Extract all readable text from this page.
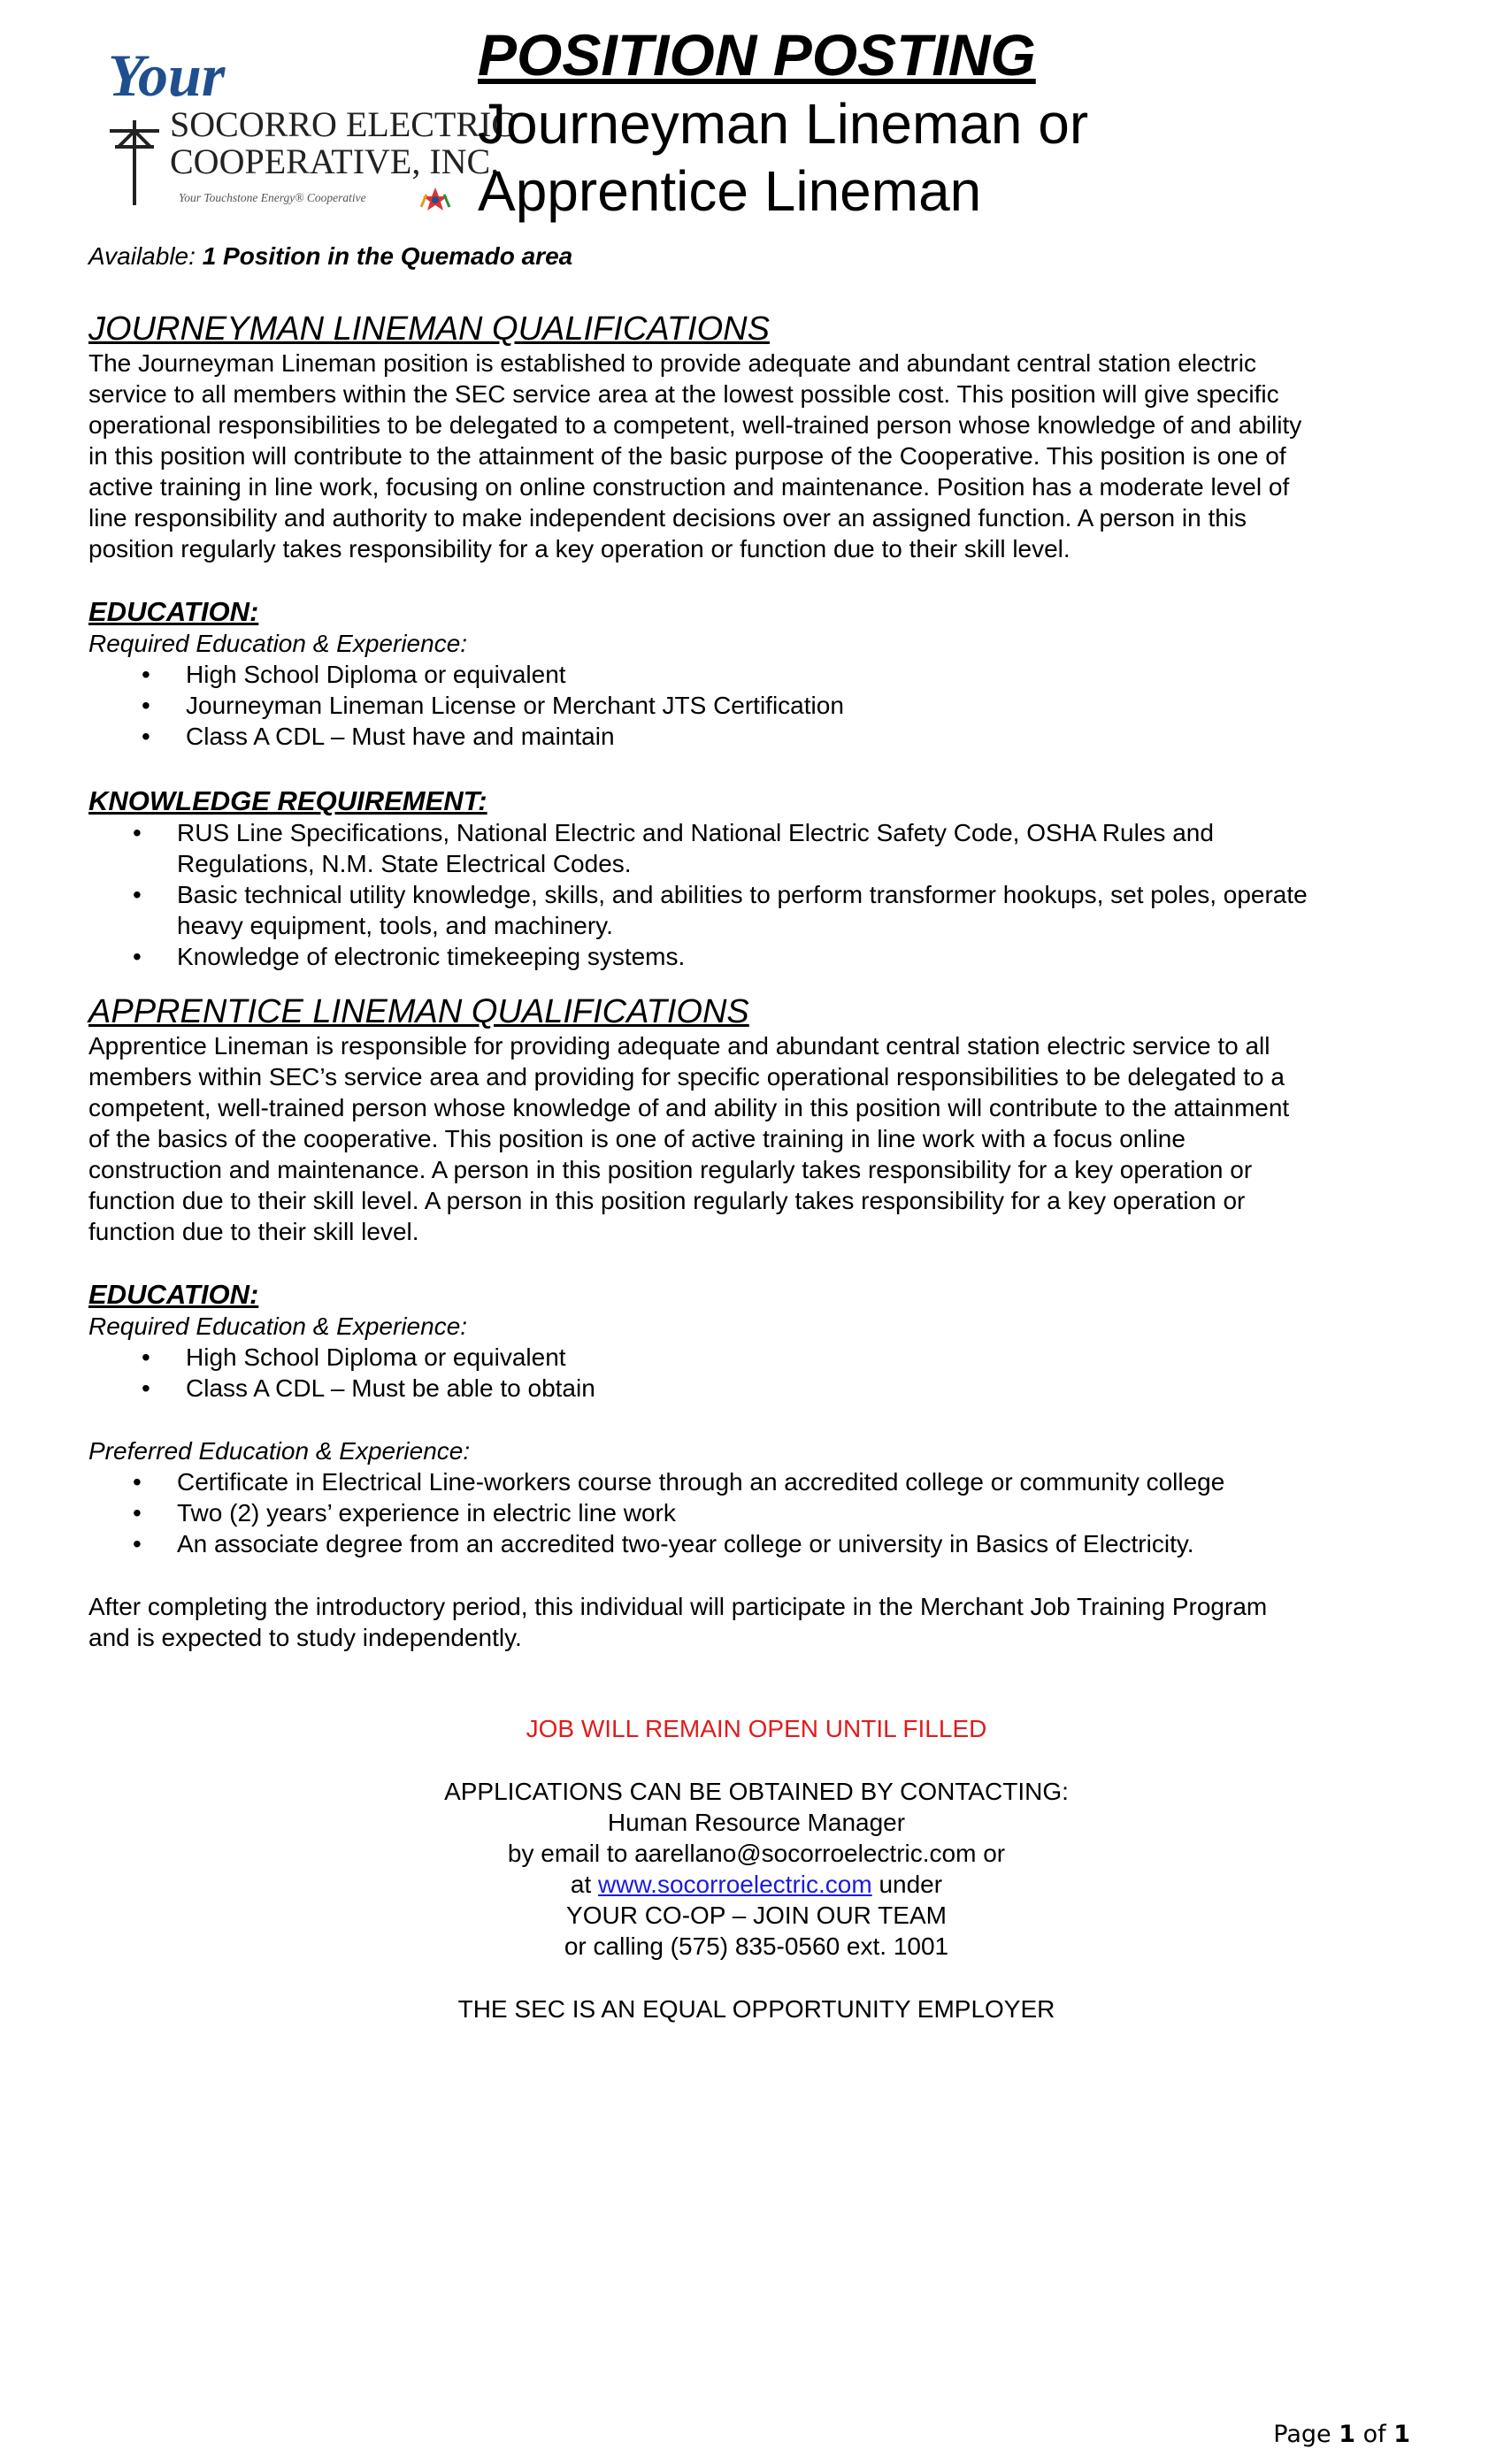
Your
SOCORRO ELECTRIC
COOPERATIVE, INC.
Your Touchstone Energy® Cooperative

POSITION POSTING

Journeyman Lineman or

Apprentice Lineman

Available: 1 Position in the Quemado area

JOURNEYMAN LINEMAN QUALIFICATIONS

The Journeyman Lineman position is established to provide adequate and abundant central station electric

service to all members within the SEC service area at the lowest possible cost. This position will give specific

operational responsibilities to be delegated to a competent, well-trained person whose knowledge of and ability

in this position will contribute to the attainment of the basic purpose of the Cooperative. This position is one of

active training in line work, focusing on online construction and maintenance. Position has a moderate level of

line responsibility and authority to make independent decisions over an assigned function. A person in this

position regularly takes responsibility for a key operation or function due to their skill level.

EDUCATION:

Required Education & Experience:

• High School Diploma or equivalent
• Journeyman Lineman License or Merchant JTS Certification
• Class A CDL – Must have and maintain

KNOWLEDGE REQUIREMENT:

• RUS Line Specifications, National Electric and National Electric Safety Code, OSHA Rules and
Regulations, N.M. State Electrical Codes.
• Basic technical utility knowledge, skills, and abilities to perform transformer hookups, set poles, operate
heavy equipment, tools, and machinery.
• Knowledge of electronic timekeeping systems.

APPRENTICE LINEMAN QUALIFICATIONS

Apprentice Lineman is responsible for providing adequate and abundant central station electric service to all

members within SEC’s service area and providing for specific operational responsibilities to be delegated to a

competent, well-trained person whose knowledge of and ability in this position will contribute to the attainment

of the basics of the cooperative. This position is one of active training in line work with a focus online

construction and maintenance. A person in this position regularly takes responsibility for a key operation or

function due to their skill level. A person in this position regularly takes responsibility for a key operation or

function due to their skill level.

EDUCATION:

Required Education & Experience:

• High School Diploma or equivalent
• Class A CDL – Must be able to obtain

Preferred Education & Experience:

• Certificate in Electrical Line-workers course through an accredited college or community college
• Two (2) years’ experience in electric line work
• An associate degree from an accredited two-year college or university in Basics of Electricity.

After completing the introductory period, this individual will participate in the Merchant Job Training Program

and is expected to study independently.

JOB WILL REMAIN OPEN UNTIL FILLED

APPLICATIONS CAN BE OBTAINED BY CONTACTING:

Human Resource Manager

by email to aarellano@socorroelectric.com or

at www.socorroelectric.com under

YOUR CO-OP – JOIN OUR TEAM

or calling (575) 835-0560 ext. 1001

THE SEC IS AN EQUAL OPPORTUNITY EMPLOYER

Page 1 of 1
